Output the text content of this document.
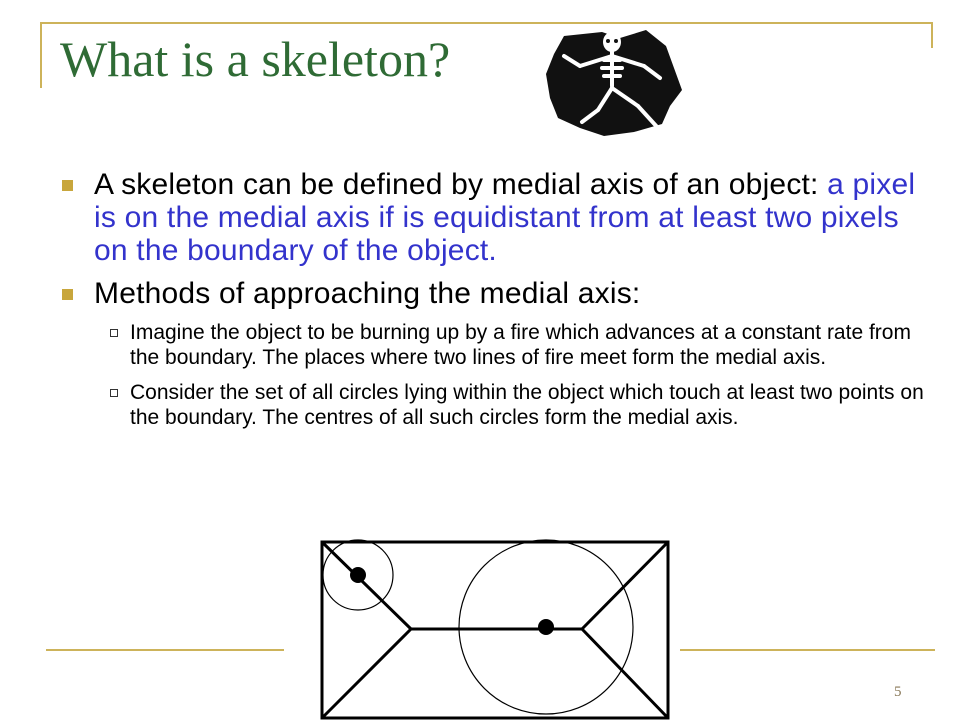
What is a skeleton?
A skeleton can be defined by medial axis of an object: a pixel is on the medial axis if is equidistant from at least two pixels on the boundary of the object.
Methods of approaching the medial axis:
Imagine the object to be burning up by a fire which advances at a constant rate from the boundary. The places where two lines of fire meet form the medial axis.
Consider the set of all circles lying within the object which touch at least two points on the boundary. The centres of all such circles form the medial axis.
5
